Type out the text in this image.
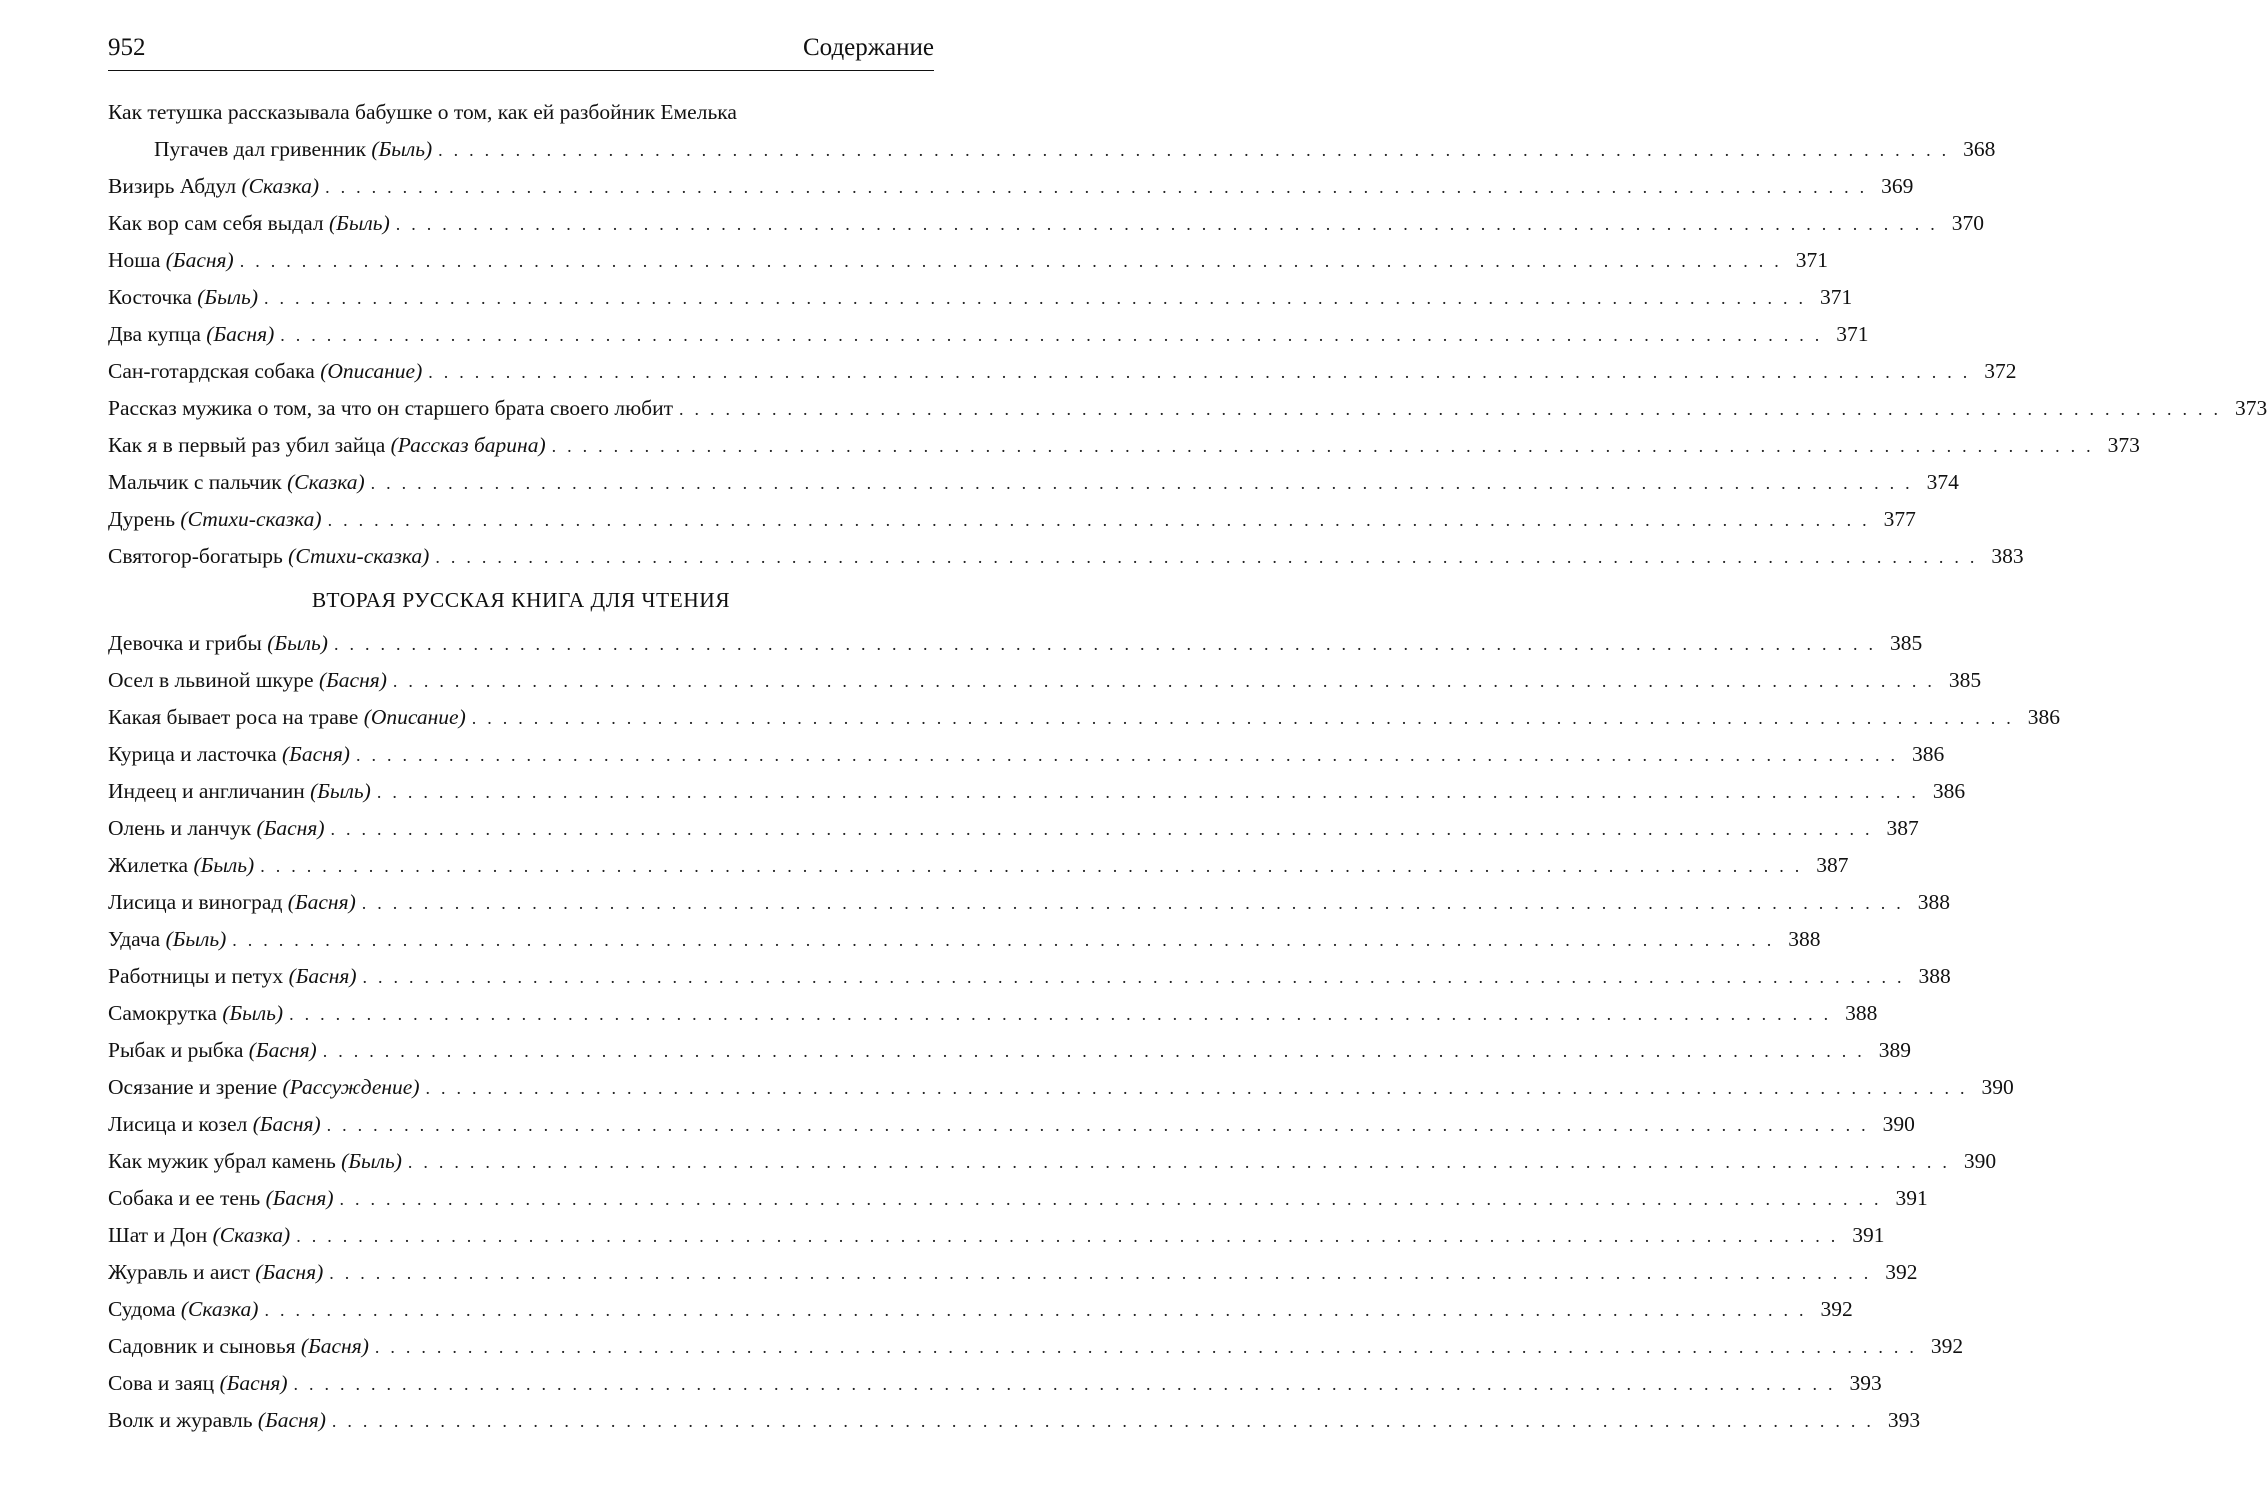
952	Содержание
Как тетушка рассказывала бабушке о том, как ей разбойник Емелька
Пугачев дал гривенник (Быль) .................................................................................................. 368
Визирь Абдул (Сказка) .................................................................................................... 369
Как вор сам себя выдал (Быль) .................................................................................................... 370
Ноша (Басня) .................................................................................................... 371
Косточка (Быль) .................................................................................................... 371
Два купца (Басня) .................................................................................................... 371
Сан-готардская собака (Описание) .................................................................................................... 372
Рассказ мужика о том, за что он старшего брата своего любит .................................................................................................... 373
Как я в первый раз убил зайца (Рассказ барина) .................................................................................................... 373
Мальчик с пальчик (Сказка) .................................................................................................... 374
Дурень (Стихи-сказка) .................................................................................................... 377
Святогор-богатырь (Стихи-сказка) .................................................................................................... 383
ВТОРАЯ РУССКАЯ КНИГА ДЛЯ ЧТЕНИЯ
Девочка и грибы (Быль) .................................................................................................... 385
Осел в львиной шкуре (Басня) .................................................................................................... 385
Какая бывает роса на траве (Описание) .................................................................................................... 386
Курица и ласточка (Басня) .................................................................................................... 386
Индеец и англичанин (Быль) .................................................................................................... 386
Олень и ланчук (Басня) .................................................................................................... 387
Жилетка (Быль) .................................................................................................... 387
Лисица и виноград (Басня) .................................................................................................... 388
Удача (Быль) .................................................................................................... 388
Работницы и петух (Басня) .................................................................................................... 388
Самокрутка (Быль) .................................................................................................... 388
Рыбак и рыбка (Басня) .................................................................................................... 389
Осязание и зрение (Рассуждение) .................................................................................................... 390
Лисица и козел (Басня) .................................................................................................... 390
Как мужик убрал камень (Быль) .................................................................................................... 390
Собака и ее тень (Басня) .................................................................................................... 391
Шат и Дон (Сказка) .................................................................................................... 391
Журавль и аист (Басня) .................................................................................................... 392
Судома (Сказка) .................................................................................................... 392
Садовник и сыновья (Басня) .................................................................................................... 392
Сова и заяц (Басня) .................................................................................................... 393
Волк и журавль (Басня) .................................................................................................... 393
